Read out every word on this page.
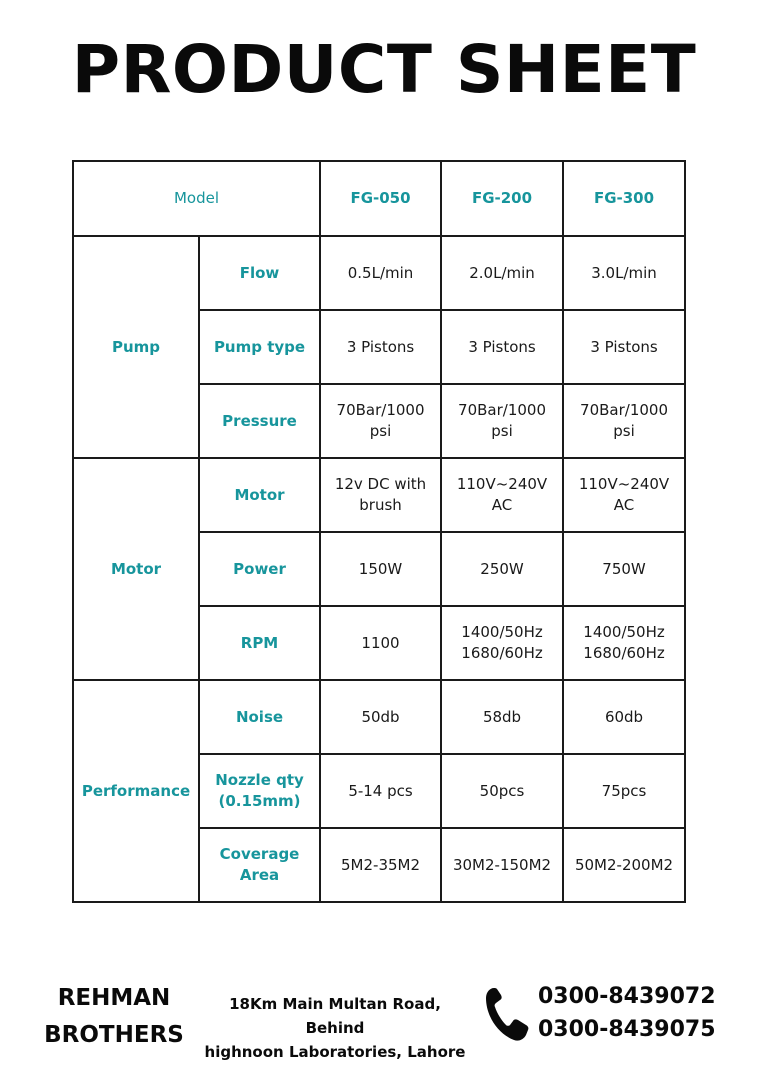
PRODUCT SHEET
Model		FG-050	FG-200	FG-300
Pump	Flow	0.5L/min	2.0L/min	3.0L/min
	Pump type	3 Pistons	3 Pistons	3 Pistons
	Pressure	70Bar/1000 psi	70Bar/1000 psi	70Bar/1000 psi
Motor	Motor	12v DC with brush	110V~240V AC	110V~240V AC
	Power	150W	250W	750W
	RPM	1100	1400/50Hz 1680/60Hz	1400/50Hz 1680/60Hz
Performance	Noise	50db	58db	60db
	Nozzle qty (0.15mm)	5-14 pcs	50pcs	75pcs
	Coverage Area	5M2-35M2	30M2-150M2	50M2-200M2
REHMAN
BROTHERS
18Km Main Multan Road, Behind
highnoon Laboratories, Lahore
0300-8439072
0300-8439075
